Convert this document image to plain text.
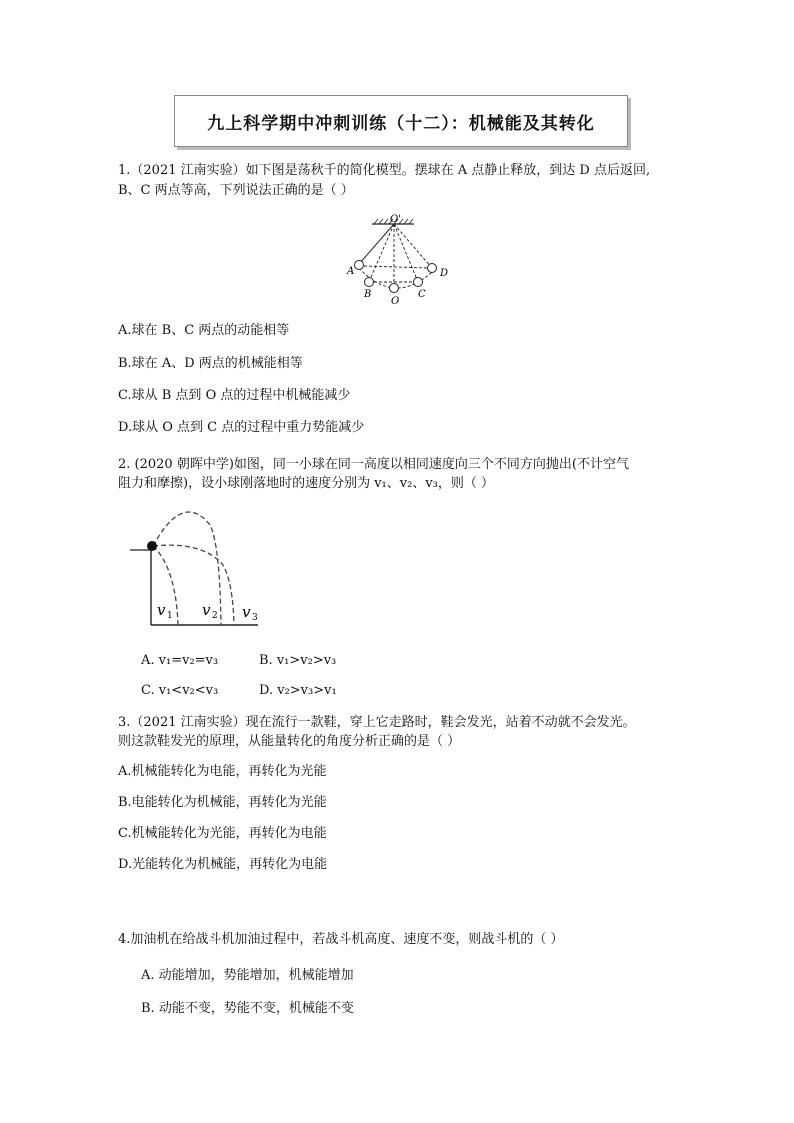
九上科学期中冲刺训练（十二）：机械能及其转化
1.（2021 江南实验）如下图是荡秋千的简化模型。摆球在 A 点静止释放，到达 D 点后返回,
B、C 两点等高，下列说法正确的是（ ）
O'
A
B
O
C
D
A.球在 B、C 两点的动能相等
B.球在 A、D 两点的机械能相等
C.球从 B 点到 O 点的过程中机械能减少
D.球从 O 点到 C 点的过程中重力势能减少
2. (2020 朝晖中学)如图，同一小球在同一高度以相同速度向三个不同方向抛出(不计空气
阻力和摩擦)，设小球刚落地时的速度分别为 v₁、v₂、v₃，则（ ）
v 1 v 2 v 3
A. v₁=v₂=v₃	B. v₁>v₂>v₃
C. v₁<v₂<v₃	D. v₂>v₃>v₁
3.（2021 江南实验）现在流行一款鞋，穿上它走路时，鞋会发光，站着不动就不会发光。
则这款鞋发光的原理，从能量转化的角度分析正确的是（ ）
A.机械能转化为电能，再转化为光能
B.电能转化为机械能，再转化为光能
C.机械能转化为光能，再转化为电能
D.光能转化为机械能，再转化为电能
4.加油机在给战斗机加油过程中，若战斗机高度、速度不变，则战斗机的（ ）
A. 动能增加，势能增加，机械能增加
B. 动能不变，势能不变，机械能不变
